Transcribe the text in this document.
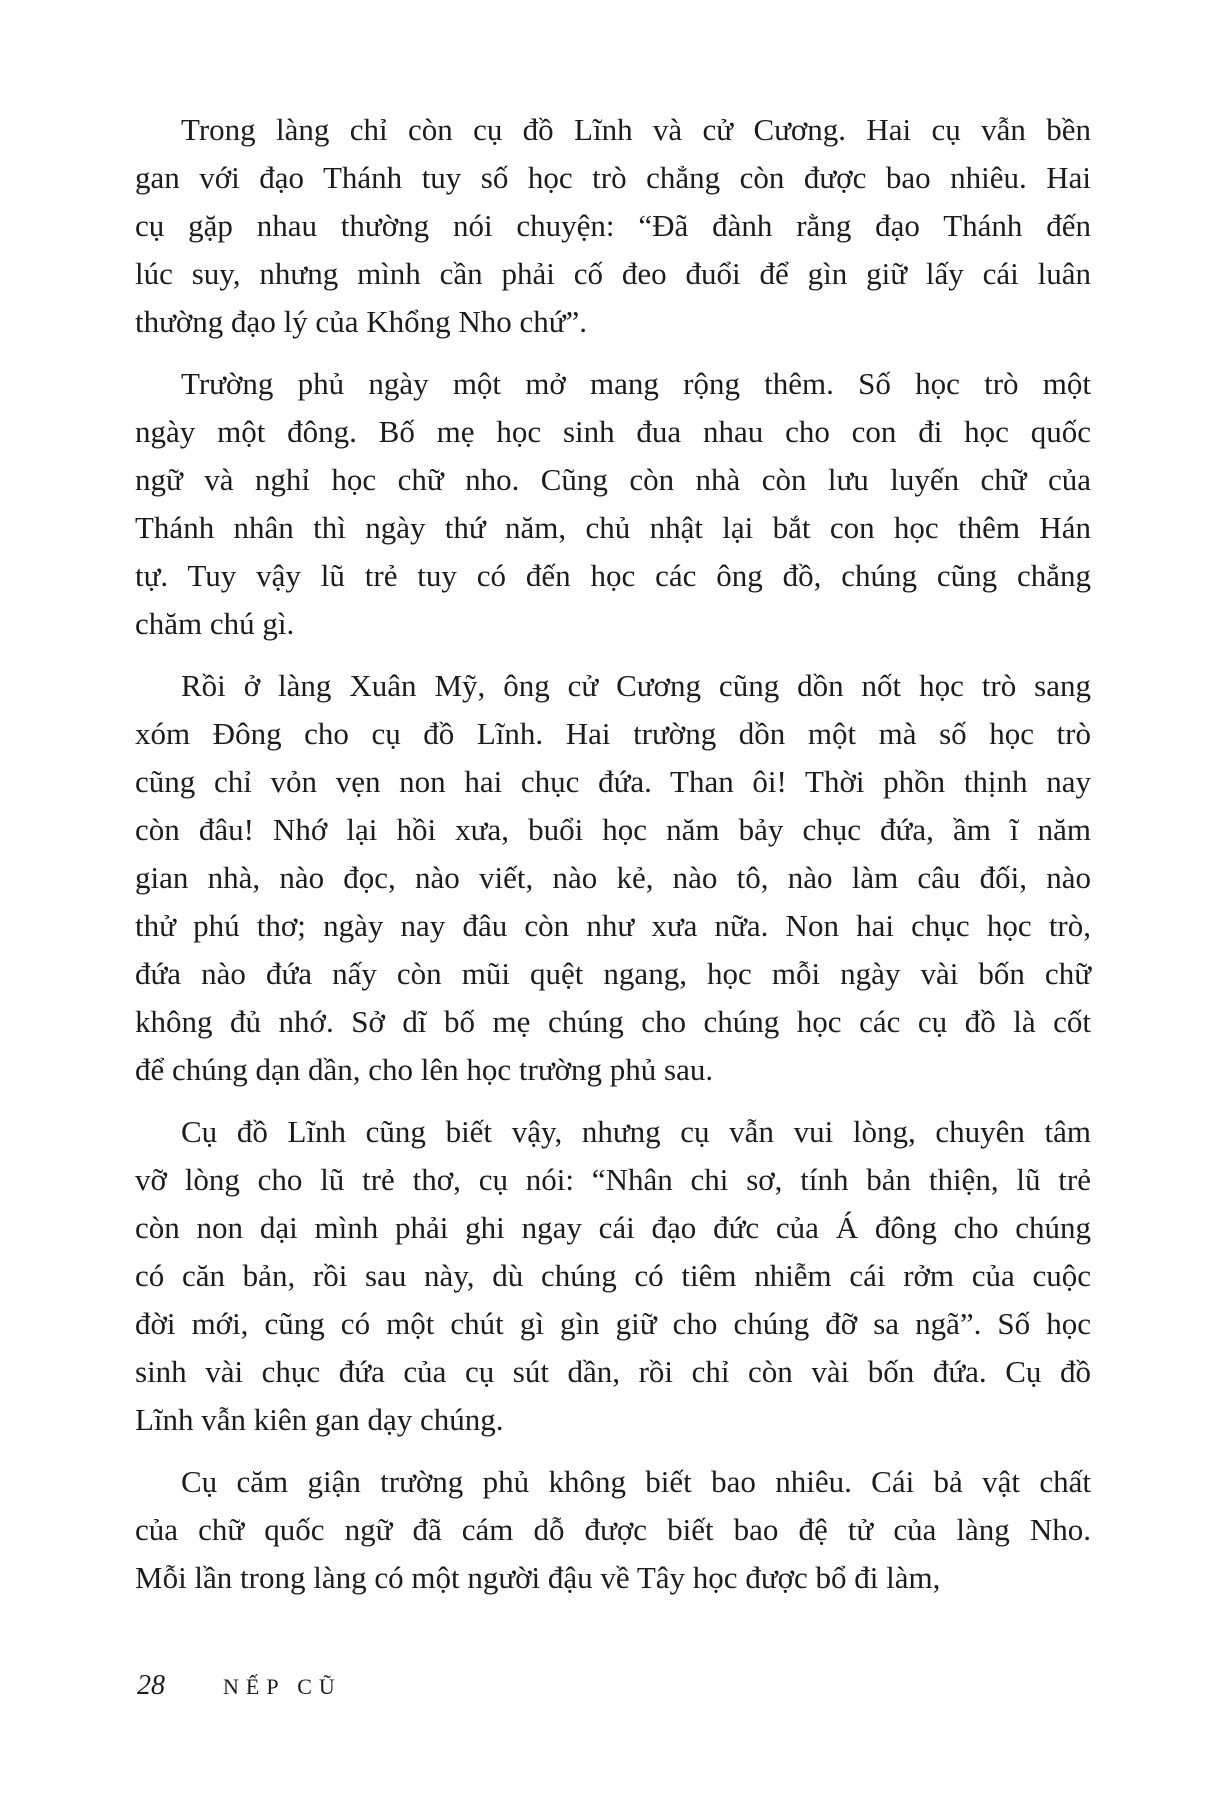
Trong làng chỉ còn cụ đồ Lĩnh và cử Cương. Hai cụ vẫn bền
gan với đạo Thánh tuy số học trò chẳng còn được bao nhiêu. Hai
cụ gặp nhau thường nói chuyện: “Đã đành rằng đạo Thánh đến
lúc suy, nhưng mình cần phải cố đeo đuổi để gìn giữ lấy cái luân
thường đạo lý của Khổng Nho chứ”.

Trường phủ ngày một mở mang rộng thêm. Số học trò một
ngày một đông. Bố mẹ học sinh đua nhau cho con đi học quốc
ngữ và nghỉ học chữ nho. Cũng còn nhà còn lưu luyến chữ của
Thánh nhân thì ngày thứ năm, chủ nhật lại bắt con học thêm Hán
tự. Tuy vậy lũ trẻ tuy có đến học các ông đồ, chúng cũng chẳng
chăm chú gì.

Rồi ở làng Xuân Mỹ, ông cử Cương cũng dồn nốt học trò sang
xóm Đông cho cụ đồ Lĩnh. Hai trường dồn một mà số học trò
cũng chỉ vỏn vẹn non hai chục đứa. Than ôi! Thời phồn thịnh nay
còn đâu! Nhớ lại hồi xưa, buổi học năm bảy chục đứa, ầm ĩ năm
gian nhà, nào đọc, nào viết, nào kẻ, nào tô, nào làm câu đối, nào
thử phú thơ; ngày nay đâu còn như xưa nữa. Non hai chục học trò,
đứa nào đứa nấy còn mũi quệt ngang, học mỗi ngày vài bốn chữ
không đủ nhớ. Sở dĩ bố mẹ chúng cho chúng học các cụ đồ là cốt
để chúng dạn dần, cho lên học trường phủ sau.

Cụ đồ Lĩnh cũng biết vậy, nhưng cụ vẫn vui lòng, chuyên tâm
vỡ lòng cho lũ trẻ thơ, cụ nói: “Nhân chi sơ, tính bản thiện, lũ trẻ
còn non dại mình phải ghi ngay cái đạo đức của Á đông cho chúng
có căn bản, rồi sau này, dù chúng có tiêm nhiễm cái rởm của cuộc
đời mới, cũng có một chút gì gìn giữ cho chúng đỡ sa ngã”. Số học
sinh vài chục đứa của cụ sút dần, rồi chỉ còn vài bốn đứa. Cụ đồ
Lĩnh vẫn kiên gan dạy chúng.

Cụ căm giận trường phủ không biết bao nhiêu. Cái bả vật chất
của chữ quốc ngữ đã cám dỗ được biết bao đệ tử của làng Nho.
Mỗi lần trong làng có một người đậu về Tây học được bổ đi làm,

28	NẾP CŨ
